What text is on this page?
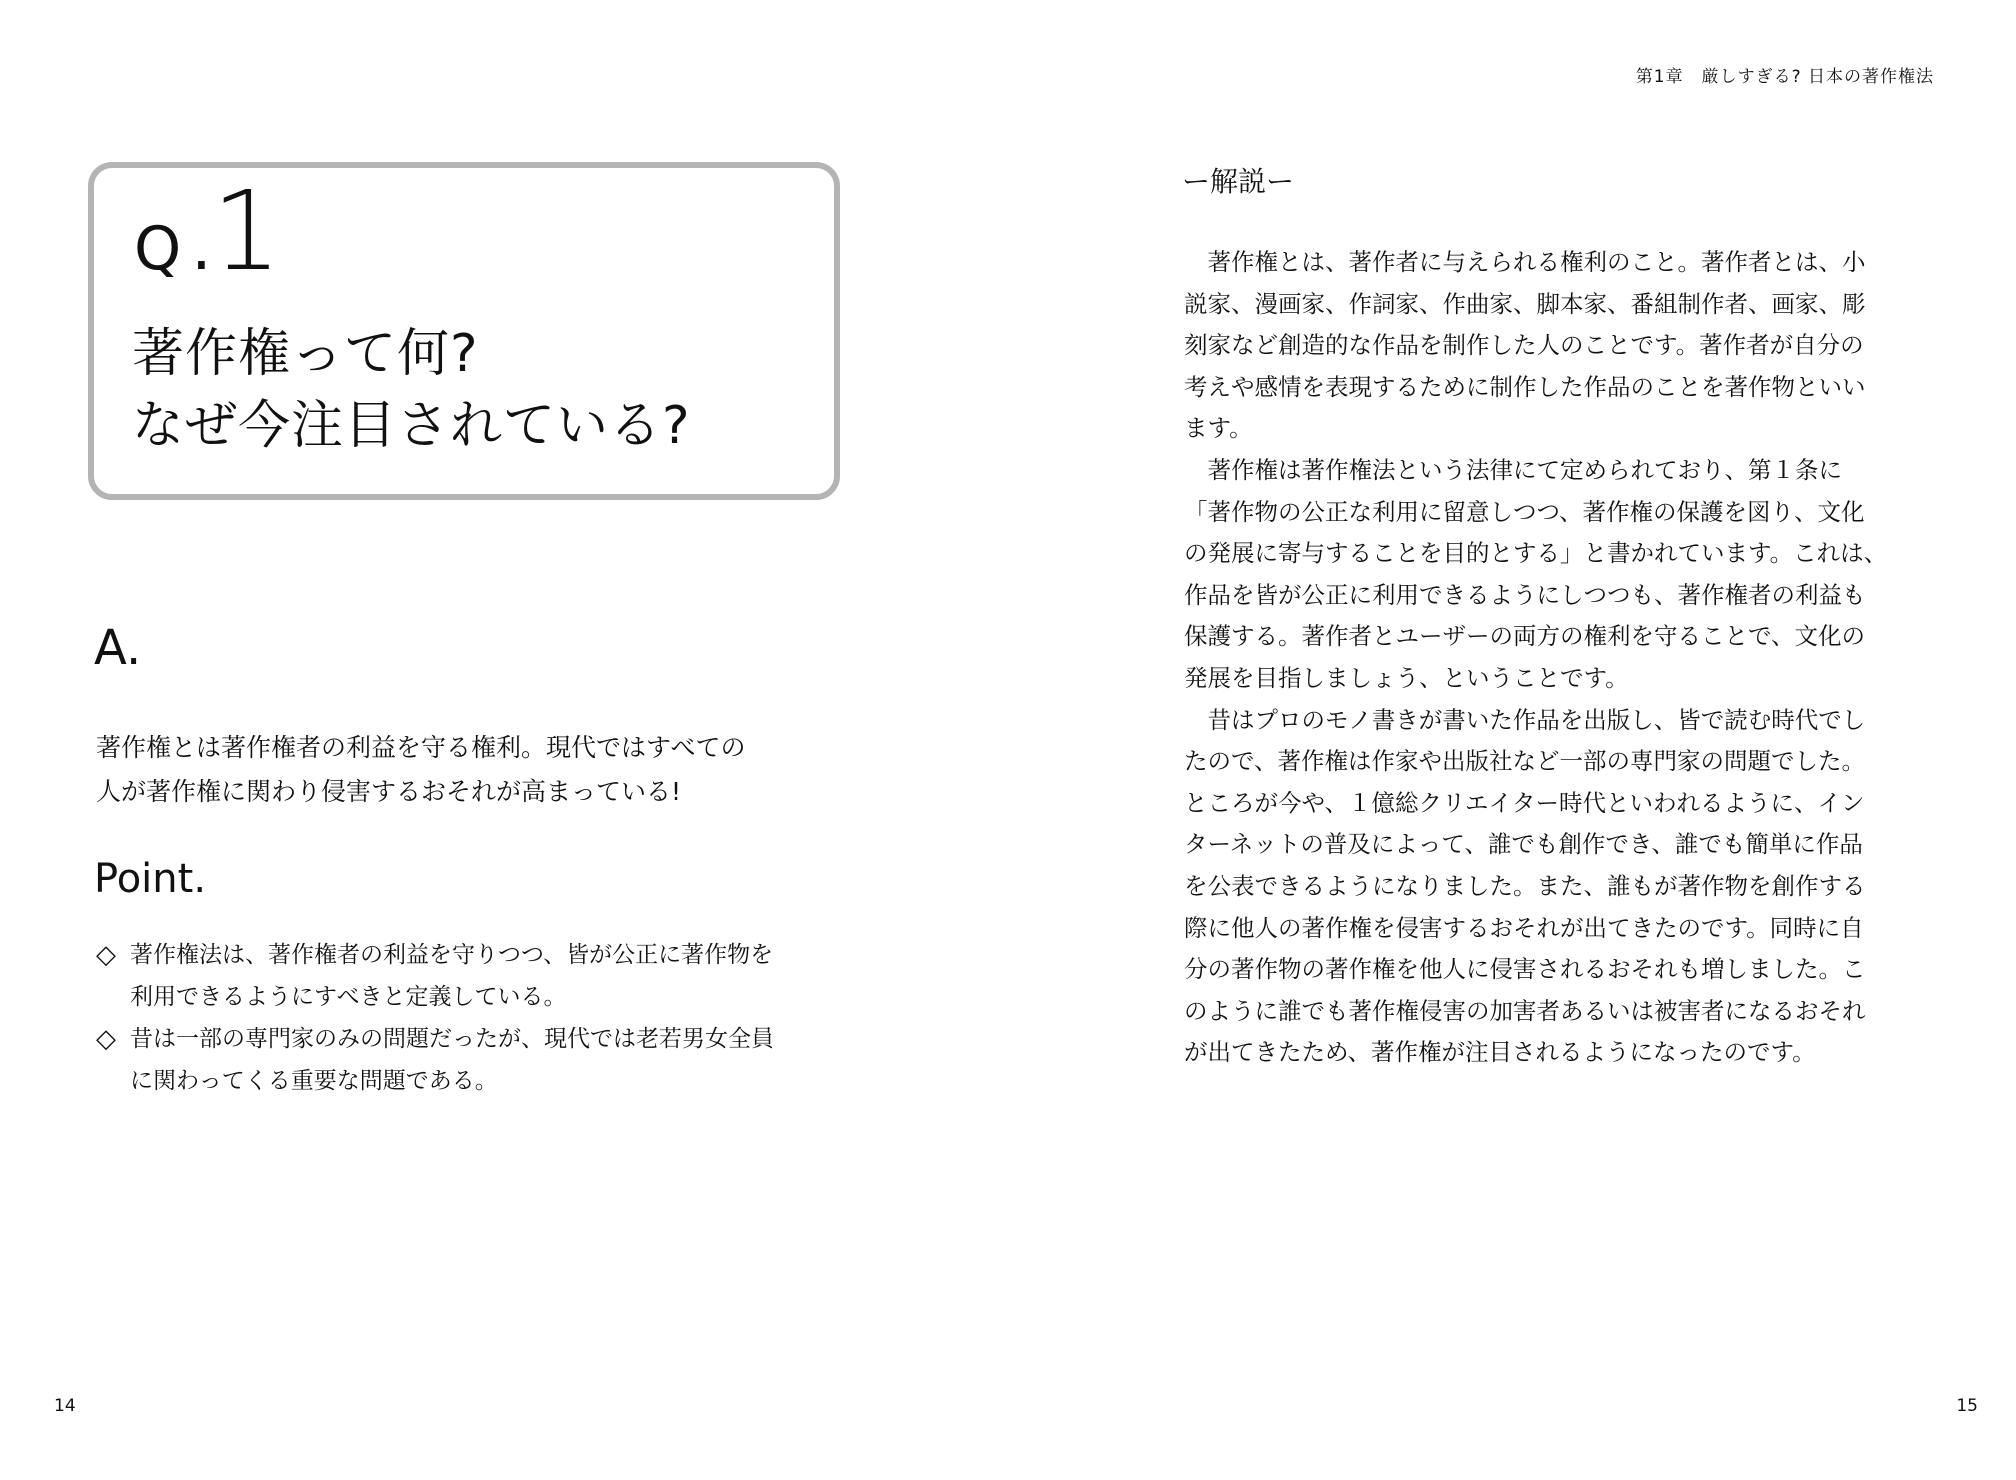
Q.1
著作権って何?
なぜ今注目されている?
A.
著作権とは著作権者の利益を守る権利。現代ではすべての
人が著作権に関わり侵害するおそれが高まっている!
Point.
◇ 著作権法は、著作権者の利益を守りつつ、皆が公正に著作物を
利用できるようにすべきと定義している。
◇ 昔は一部の専門家のみの問題だったが、現代では老若男女全員
に関わってくる重要な問題である。
14
第1章　厳しすぎる? 日本の著作権法
ー解説ー
　著作権とは、著作者に与えられる権利のこと。著作者とは、小
説家、漫画家、作詞家、作曲家、脚本家、番組制作者、画家、彫
刻家など創造的な作品を制作した人のことです。著作者が自分の
考えや感情を表現するために制作した作品のことを著作物といい
ます。
　著作権は著作権法という法律にて定められており、第１条に
「著作物の公正な利用に留意しつつ、著作権の保護を図り、文化
の発展に寄与することを目的とする」と書かれています。これは、
作品を皆が公正に利用できるようにしつつも、著作権者の利益も
保護する。著作者とユーザーの両方の権利を守ることで、文化の
発展を目指しましょう、ということです。
　昔はプロのモノ書きが書いた作品を出版し、皆で読む時代でし
たので、著作権は作家や出版社など一部の専門家の問題でした。
ところが今や、１億総クリエイター時代といわれるように、イン
ターネットの普及によって、誰でも創作でき、誰でも簡単に作品
を公表できるようになりました。また、誰もが著作物を創作する
際に他人の著作権を侵害するおそれが出てきたのです。同時に自
分の著作物の著作権を他人に侵害されるおそれも増しました。こ
のように誰でも著作権侵害の加害者あるいは被害者になるおそれ
が出てきたため、著作権が注目されるようになったのです。
15
